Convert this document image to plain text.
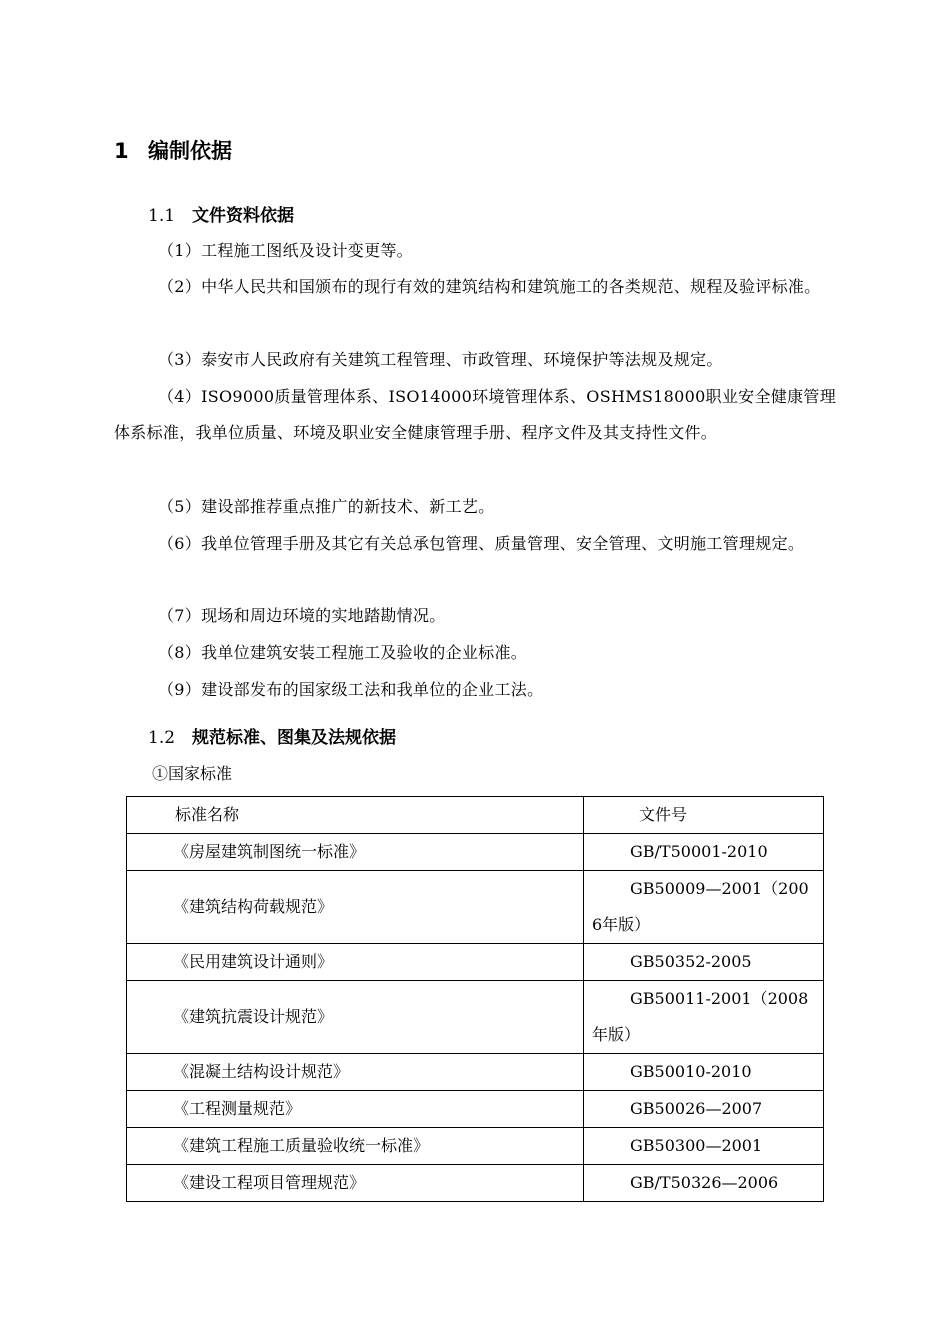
1 编制依据
1.1 文件资料依据
（1）工程施工图纸及设计变更等。
（2）中华人民共和国颁布的现行有效的建筑结构和建筑施工的各类规范、规程及验评标准。
（3）泰安市人民政府有关建筑工程管理、市政管理、环境保护等法规及规定。
（4）ISO9000质量管理体系、ISO14000环境管理体系、OSHMS18000职业安全健康管理体系标准，我单位质量、环境及职业安全健康管理手册、程序文件及其支持性文件。
（5）建设部推荐重点推广的新技术、新工艺。
（6）我单位管理手册及其它有关总承包管理、质量管理、安全管理、文明施工管理规定。
（7）现场和周边环境的实地踏勘情况。
（8）我单位建筑安装工程施工及验收的企业标准。
（9）建设部发布的国家级工法和我单位的企业工法。
1.2 规范标准、图集及法规依据
①国家标准
标准名称	文件号
《房屋建筑制图统一标准》	GB/T50001-2010
《建筑结构荷载规范》	GB50009—2001（2006年版）
《民用建筑设计通则》	GB50352-2005
《建筑抗震设计规范》	GB50011-2001（2008年版）
《混凝土结构设计规范》	GB50010-2010
《工程测量规范》	GB50026—2007
《建筑工程施工质量验收统一标准》	GB50300—2001
《建设工程项目管理规范》	GB/T50326—2006
